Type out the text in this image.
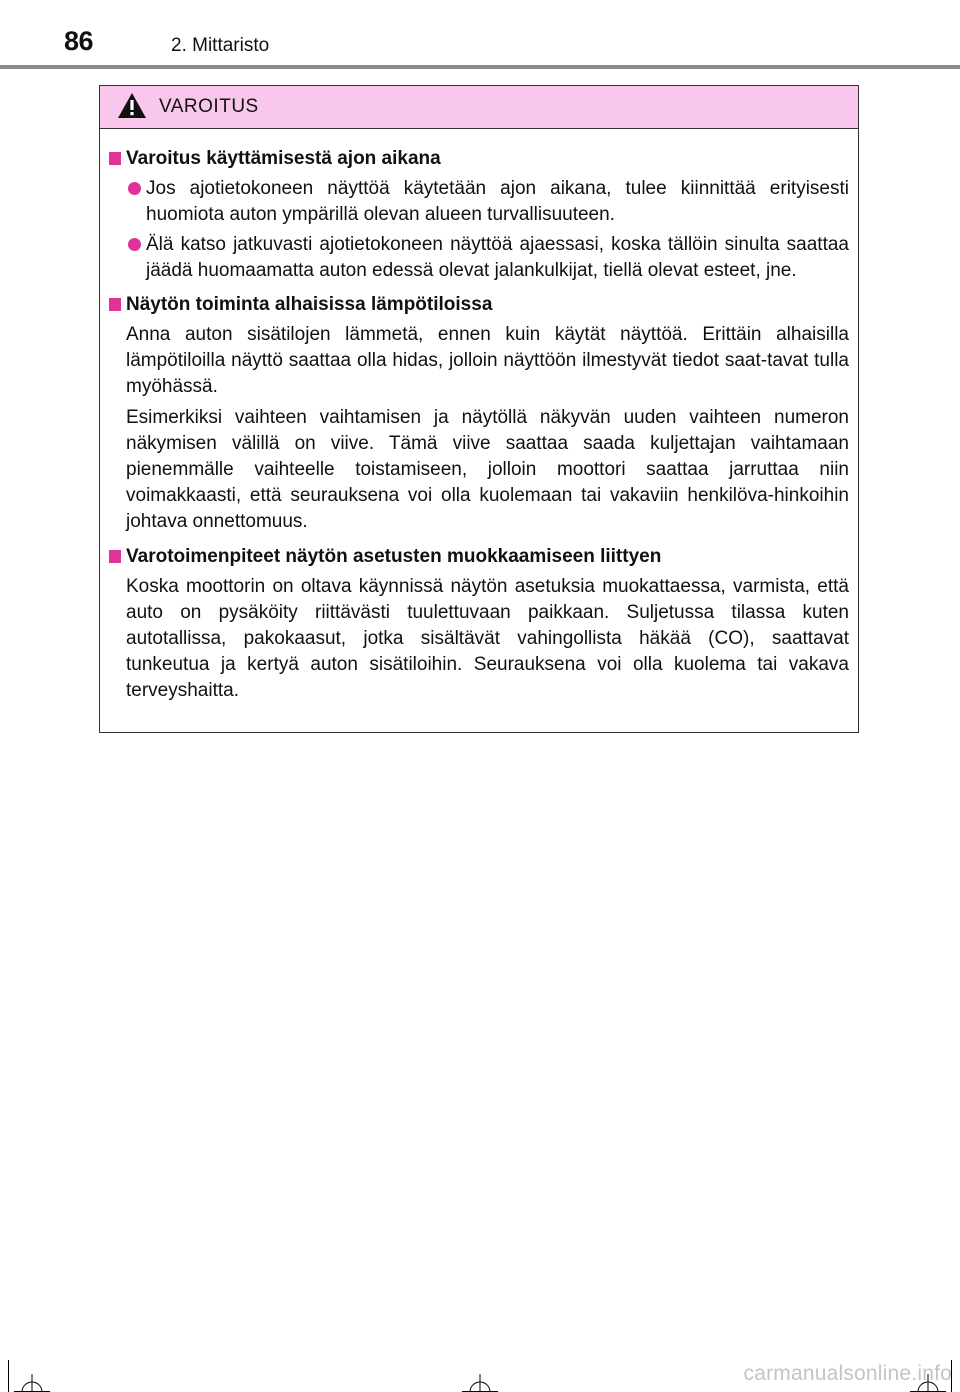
86	2. Mittaristo
VAROITUS
Varoitus käyttämisestä ajon aikana
Jos ajotietokoneen näyttöä käytetään ajon aikana, tulee kiinnittää erityisesti huomiota auton ympärillä olevan alueen turvallisuuteen.
Älä katso jatkuvasti ajotietokoneen näyttöä ajaessasi, koska tällöin sinulta saattaa jäädä huomaamatta auton edessä olevat jalankulkijat, tiellä olevat esteet, jne.
Näytön toiminta alhaisissa lämpötiloissa
Anna auton sisätilojen lämmetä, ennen kuin käytät näyttöä. Erittäin alhaisilla lämpötiloilla näyttö saattaa olla hidas, jolloin näyttöön ilmestyvät tiedot saat-tavat tulla myöhässä.
Esimerkiksi vaihteen vaihtamisen ja näytöllä näkyvän uuden vaihteen numeron näkymisen välillä on viive. Tämä viive saattaa saada kuljettajan vaihtamaan pienemmälle vaihteelle toistamiseen, jolloin moottori saattaa jarruttaa niin voimakkaasti, että seurauksena voi olla kuolemaan tai vakaviin henkilöva-hinkoihin johtava onnettomuus.
Varotoimenpiteet näytön asetusten muokkaamiseen liittyen
Koska moottorin on oltava käynnissä näytön asetuksia muokattaessa, varmista, että auto on pysäköity riittävästi tuulettuvaan paikkaan. Suljetussa tilassa kuten autotallissa, pakokaasut, jotka sisältävät vahingollista häkää (CO), saattavat tunkeutua ja kertyä auton sisätiloihin. Seurauksena voi olla kuolema tai vakava terveyshaitta.
carmanualsonline.info
